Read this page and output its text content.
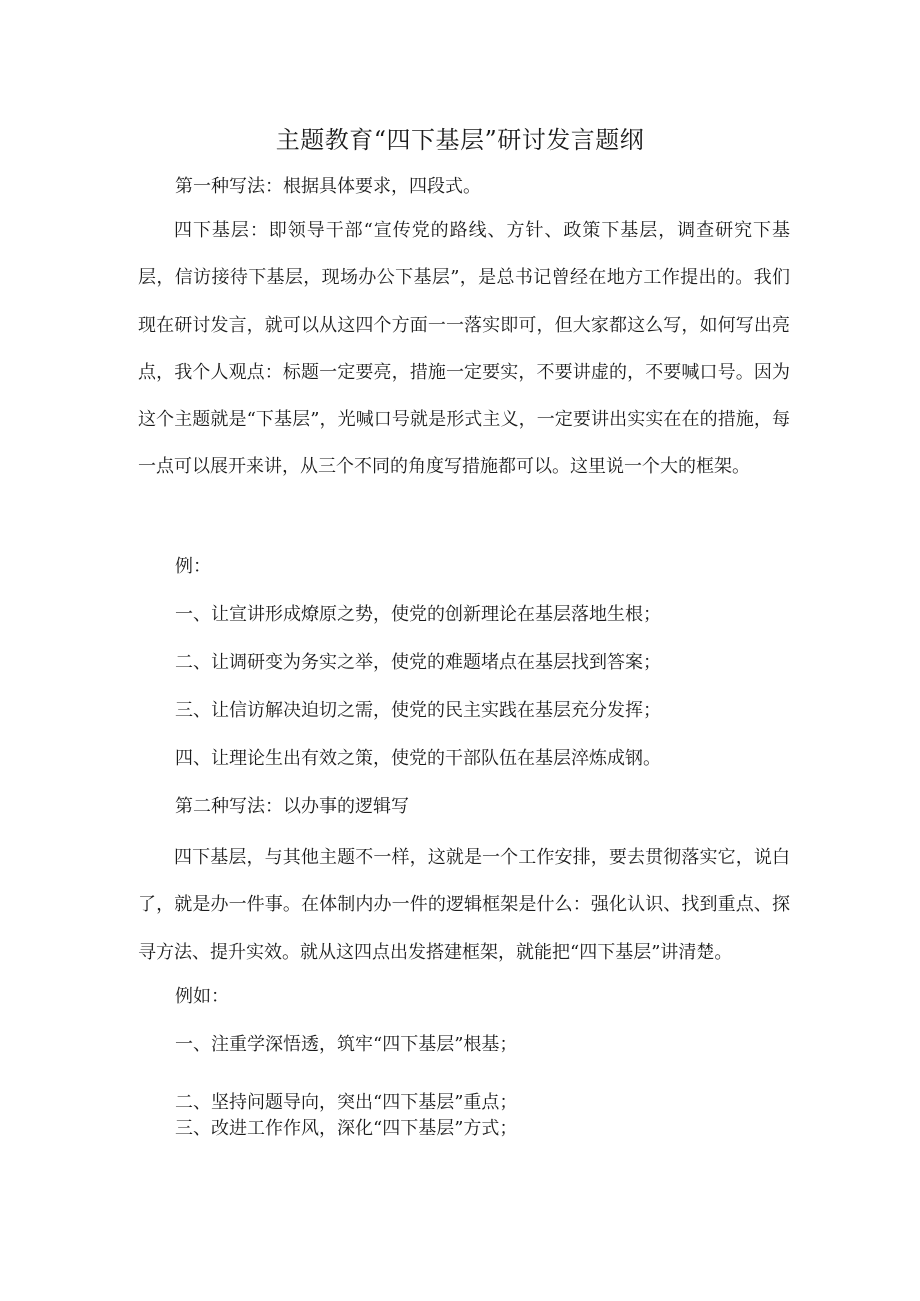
主题教育“四下基层”研讨发言题纲

第一种写法：根据具体要求，四段式。

四下基层：即领导干部“宣传党的路线、方针、政策下基层，调查研究下基层，信访接待下基层，现场办公下基层”，是总书记曾经在地方工作提出的。我们现在研讨发言，就可以从这四个方面一一落实即可，但大家都这么写，如何写出亮点，我个人观点：标题一定要亮，措施一定要实，不要讲虚的，不要喊口号。因为这个主题就是“下基层”，光喊口号就是形式主义，一定要讲出实实在在的措施，每一点可以展开来讲，从三个不同的角度写措施都可以。这里说一个大的框架。

例：

一、让宣讲形成燎原之势，使党的创新理论在基层落地生根；

二、让调研变为务实之举，使党的难题堵点在基层找到答案；

三、让信访解决迫切之需，使党的民主实践在基层充分发挥；

四、让理论生出有效之策，使党的干部队伍在基层淬炼成钢。

第二种写法：以办事的逻辑写

四下基层，与其他主题不一样，这就是一个工作安排，要去贯彻落实它，说白了，就是办一件事。在体制内办一件的逻辑框架是什么：强化认识、找到重点、探寻方法、提升实效。就从这四点出发搭建框架，就能把“四下基层”讲清楚。

例如：

一、注重学深悟透，筑牢“四下基层”根基；

二、坚持问题导向，突出“四下基层”重点；

三、改进工作作风，深化“四下基层”方式；
